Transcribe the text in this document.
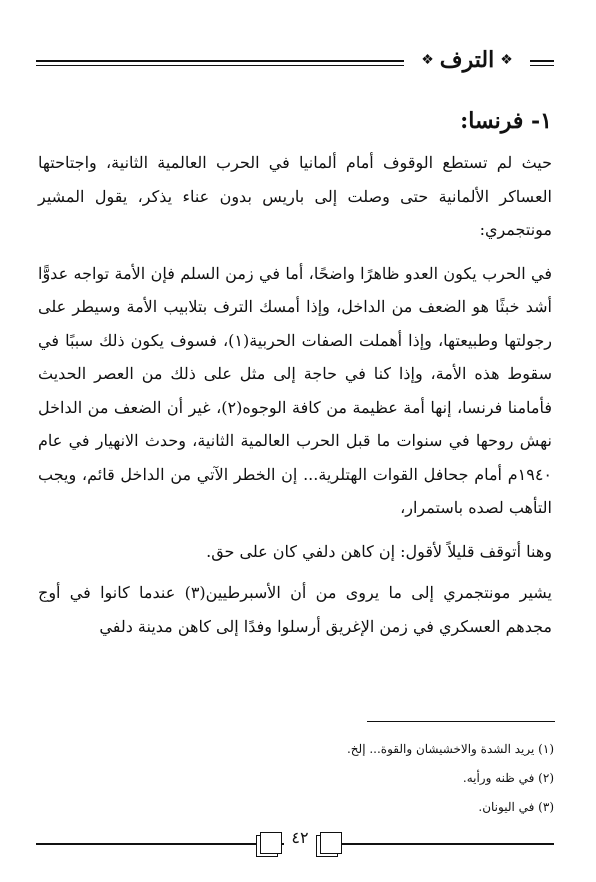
❖ الترف ❖
١- فرنسا:

حيث لم تستطع الوقوف أمام ألمانيا في الحرب العالمية الثانية، واجتاحتها العساكر الألمانية حتى وصلت إلى باريس بدون عناء يذكر، يقول المشير مونتجمري:

في الحرب يكون العدو ظاهرًا واضحًا، أما في زمن السلم فإن الأمة تواجه عدوًّا أشد خبثًا هو الضعف من الداخل، وإذا أمسك الترف بتلابيب الأمة وسيطر على رجولتها وطبيعتها، وإذا أهملت الصفات الحربية(١)، فسوف يكون ذلك سببًا في سقوط هذه الأمة، وإذا كنا في حاجة إلى مثل على ذلك من العصر الحديث فأمامنا فرنسا، إنها أمة عظيمة من كافة الوجوه(٢)، غير أن الضعف من الداخل نهش روحها في سنوات ما قبل الحرب العالمية الثانية، وحدث الانهيار في عام ١٩٤٠م أمام جحافل القوات الهتلرية... إن الخطر الآتي من الداخل قائم، ويجب التأهب لصده باستمرار،

وهنا أتوقف قليلاً لأقول: إن كاهن دلفي كان على حق.

يشير مونتجمري إلى ما يروى من أن الأسبرطيين(٣) عندما كانوا في أوج مجدهم العسكري في زمن الإغريق أرسلوا وفدًا إلى كاهن مدينة دلفي

(١) يريد الشدة والاخشيشان والقوة... إلخ.
(٢) في ظنه ورأيه.
(٣) في اليونان.
٤٢
